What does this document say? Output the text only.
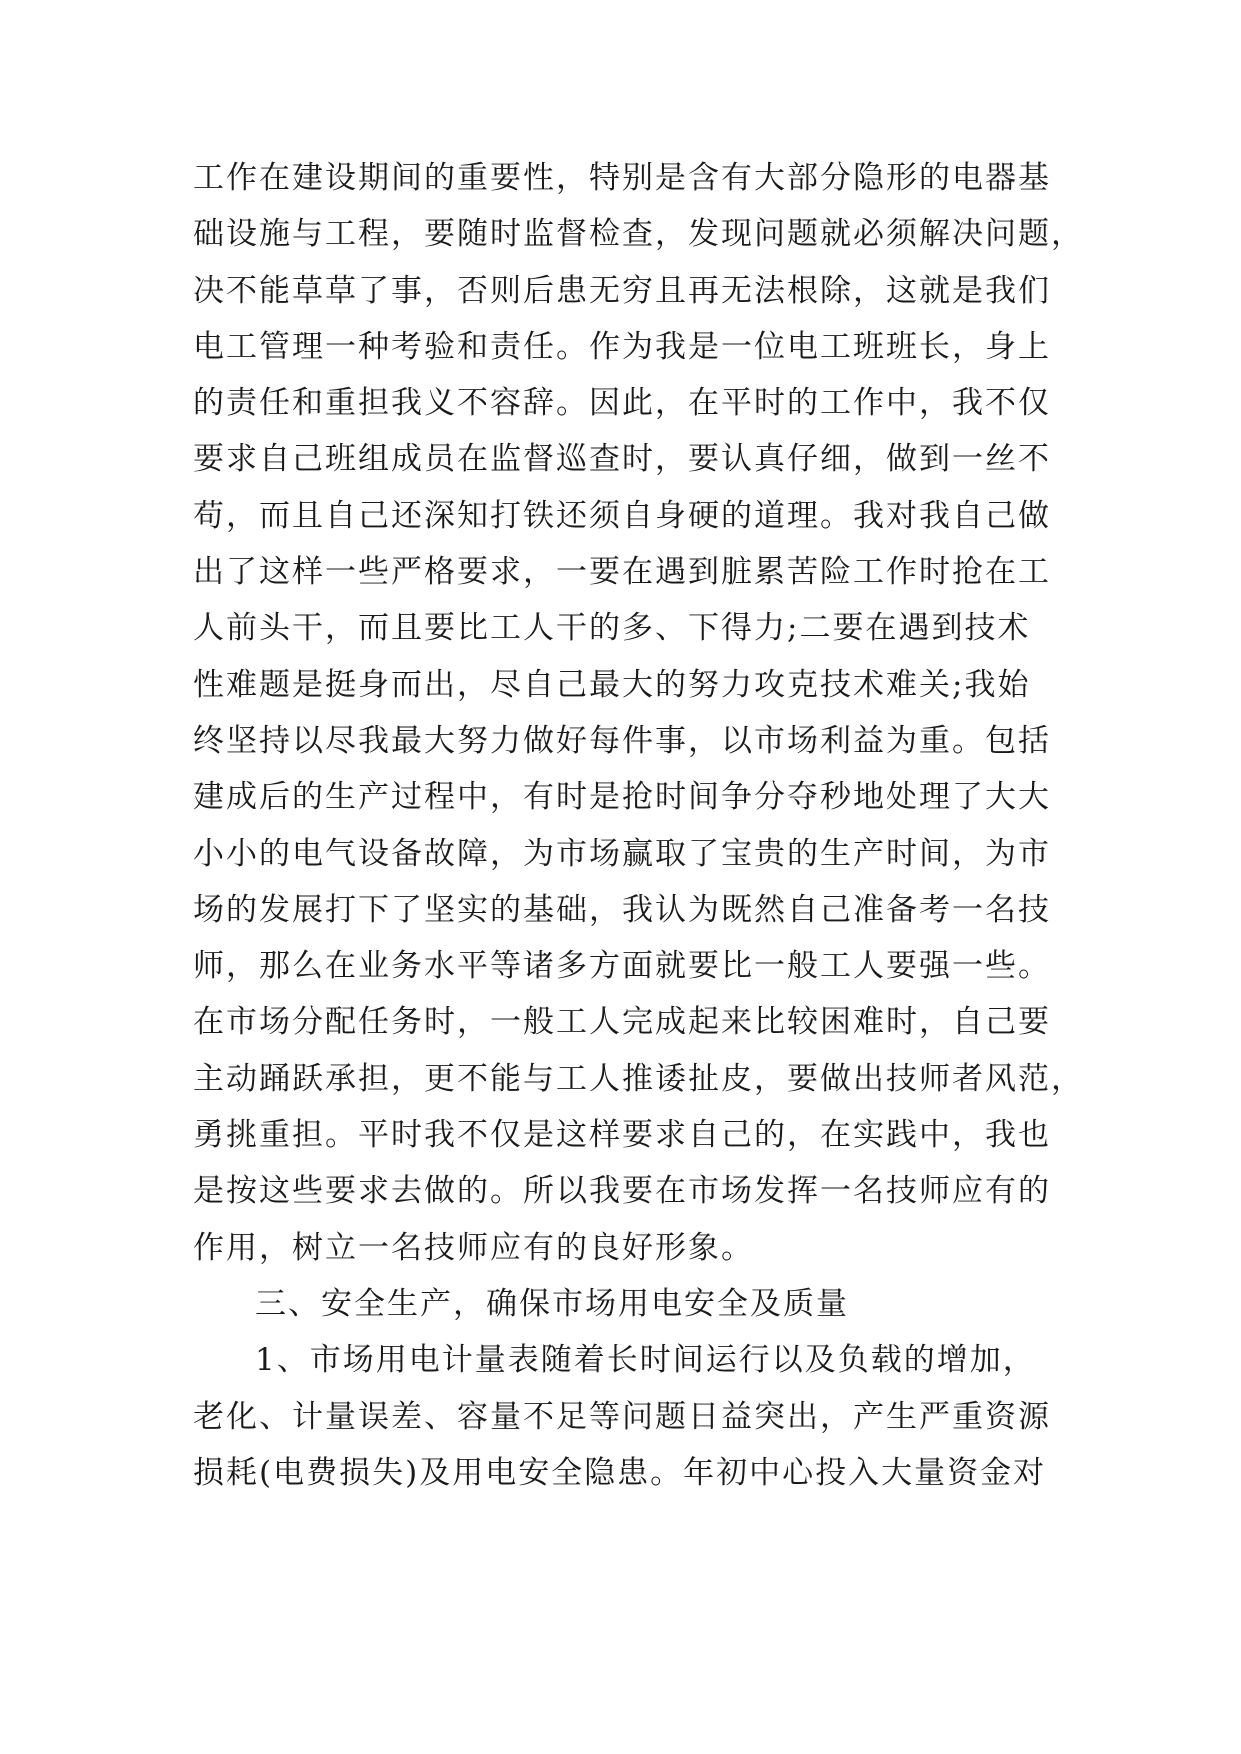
工作在建设期间的重要性，特别是含有大部分隐形的电器基
础设施与工程，要随时监督检查，发现问题就必须解决问题，
决不能草草了事，否则后患无穷且再无法根除，这就是我们
电工管理一种考验和责任。作为我是一位电工班班长，身上
的责任和重担我义不容辞。因此，在平时的工作中，我不仅
要求自己班组成员在监督巡查时，要认真仔细，做到一丝不
苟，而且自己还深知打铁还须自身硬的道理。我对我自己做
出了这样一些严格要求，一要在遇到脏累苦险工作时抢在工
人前头干，而且要比工人干的多、下得力;二要在遇到技术
性难题是挺身而出，尽自己最大的努力攻克技术难关;我始
终坚持以尽我最大努力做好每件事，以市场利益为重。包括
建成后的生产过程中，有时是抢时间争分夺秒地处理了大大
小小的电气设备故障，为市场赢取了宝贵的生产时间，为市
场的发展打下了坚实的基础，我认为既然自己准备考一名技
师，那么在业务水平等诸多方面就要比一般工人要强一些。
在市场分配任务时，一般工人完成起来比较困难时，自己要
主动踊跃承担，更不能与工人推诿扯皮，要做出技师者风范，
勇挑重担。平时我不仅是这样要求自己的，在实践中，我也
是按这些要求去做的。所以我要在市场发挥一名技师应有的
作用，树立一名技师应有的良好形象。
三、安全生产，确保市场用电安全及质量
1、市场用电计量表随着长时间运行以及负载的增加，
老化、计量误差、容量不足等问题日益突出，产生严重资源
损耗(电费损失)及用电安全隐患。年初中心投入大量资金对
